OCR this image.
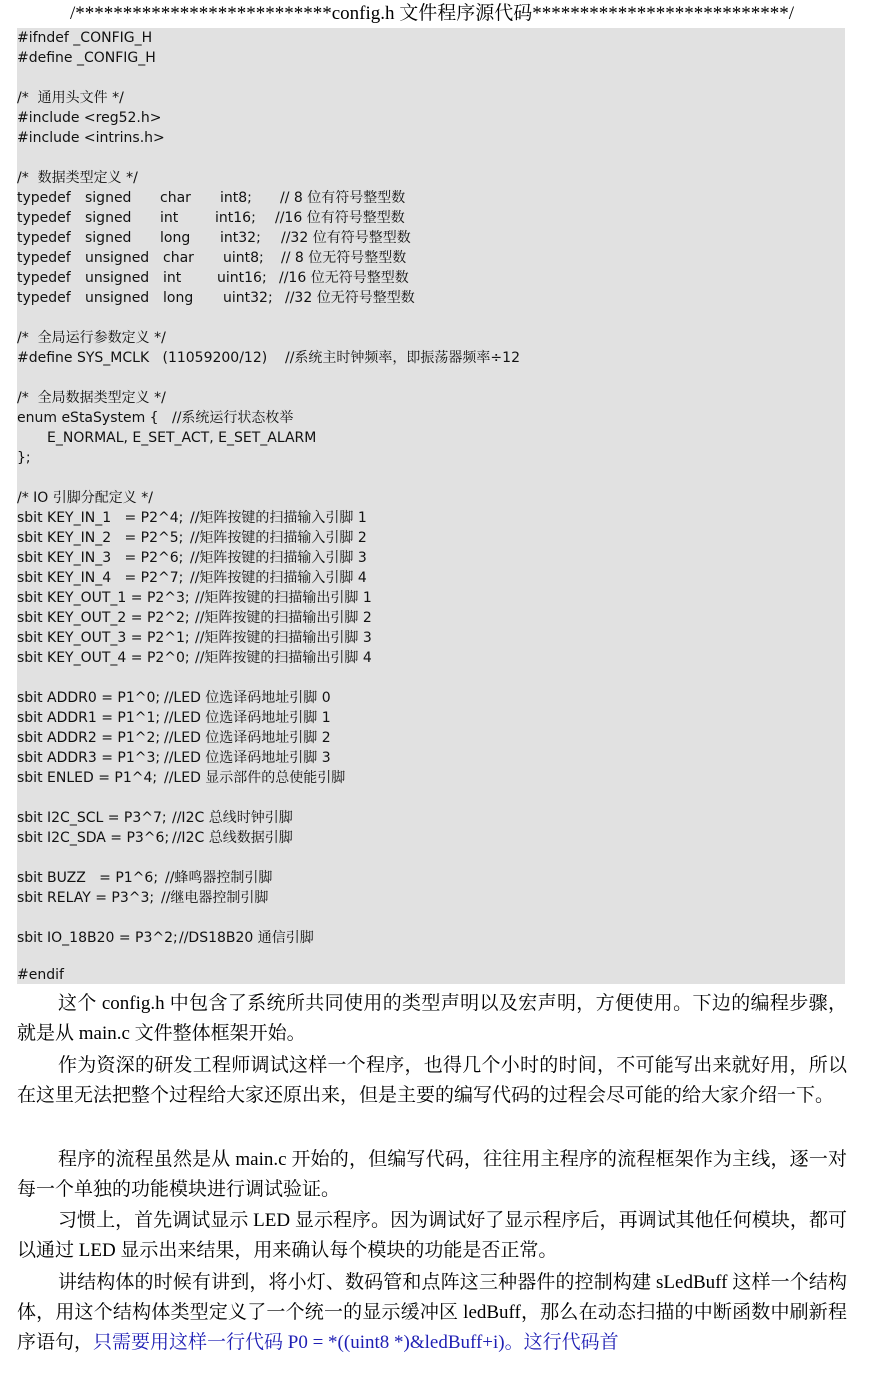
/***************************config.h 文件程序源代码***************************/
#ifndef _CONFIG_H
#define _CONFIG_H
/*  通用头文件 */
#include <reg52.h>
#include <intrins.h>
/*  数据类型定义 */

typedef

signed

char

int8;

// 8 位有符号整型数

typedef

signed

int

	int16;

//16 位有符号整型数

typedef

signed

long

int32;

//32 位有符号整型数

typedef

unsigned

char

uint8;

// 8 位无符号整型数

typedef

unsigned

int

	uint16;

//16 位无符号整型数

typedef

unsigned

long

uint32;

//32 位无符号整型数

/*  全局运行参数定义 */

#define SYS_MCLK   (11059200/12)

//系统主时钟频率，即振荡器频率÷12

/*  全局数据类型定义 */

enum eStaSystem {

//系统运行状态枚举

E_NORMAL, E_SET_ACT, E_SET_ALARM
};
/* IO 引脚分配定义 */

sbit KEY_IN_1   = P2^4;

//矩阵按键的扫描输入引脚 1

sbit KEY_IN_2   = P2^5;

//矩阵按键的扫描输入引脚 2

sbit KEY_IN_3   = P2^6;

//矩阵按键的扫描输入引脚 3

sbit KEY_IN_4   = P2^7;

//矩阵按键的扫描输入引脚 4

sbit KEY_OUT_1 = P2^3;

//矩阵按键的扫描输出引脚 1

sbit KEY_OUT_2 = P2^2;

//矩阵按键的扫描输出引脚 2

sbit KEY_OUT_3 = P2^1;

//矩阵按键的扫描输出引脚 3

sbit KEY_OUT_4 = P2^0;

//矩阵按键的扫描输出引脚 4

sbit ADDR0 = P1^0;

//LED 位选译码地址引脚 0

sbit ADDR1 = P1^1;

//LED 位选译码地址引脚 1

sbit ADDR2 = P1^2;

//LED 位选译码地址引脚 2

sbit ADDR3 = P1^3;

//LED 位选译码地址引脚 3

sbit ENLED = P1^4;

//LED 显示部件的总使能引脚

sbit I2C_SCL = P3^7;

//I2C 总线时钟引脚

sbit I2C_SDA = P3^6;

//I2C 总线数据引脚

sbit BUZZ   = P1^6;

//蜂鸣器控制引脚

sbit RELAY = P3^3;

//继电器控制引脚

sbit IO_18B20 = P3^2;

//DS18B20 通信引脚

#endif

这个 config.h 中包含了系统所共同使用的类型声明以及宏声明，方便使用。下边的编程步骤，就是从 main.c 文件整体框架开始。

作为资深的研发工程师调试这样一个程序，也得几个小时的时间，不可能写出来就好用，所以在这里无法把整个过程给大家还原出来，但是主要的编写代码的过程会尽可能的给大家介绍一下。

程序的流程虽然是从 main.c 开始的，但编写代码，往往用主程序的流程框架作为主线，逐一对每一个单独的功能模块进行调试验证。

习惯上，首先调试显示 LED 显示程序。因为调试好了显示程序后，再调试其他任何模块，都可以通过 LED 显示出来结果，用来确认每个模块的功能是否正常。

讲结构体的时候有讲到，将小灯、数码管和点阵这三种器件的控制构建 sLedBuff 这样一个结构体，用这个结构体类型定义了一个统一的显示缓冲区 ledBuff，那么在动态扫描的中断函数中刷新程序语句，只需要用这样一行代码 P0 = *((uint8 *)&ledBuff+i)。这行代码首
